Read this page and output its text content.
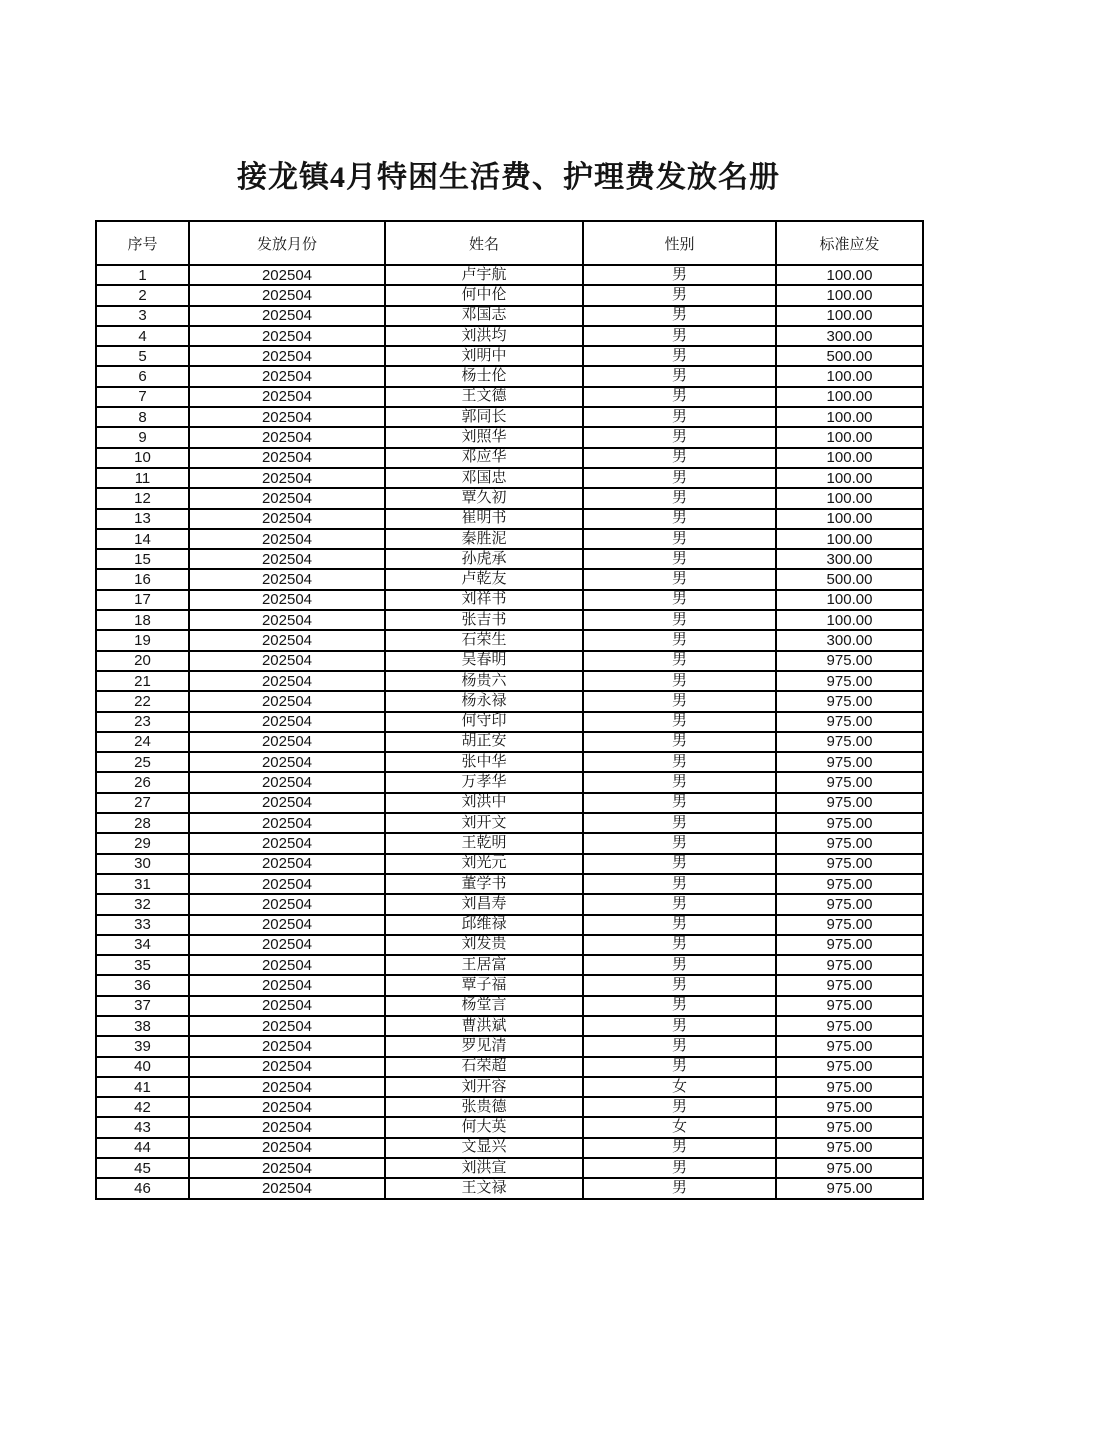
接龙镇4月特困生活费、护理费发放名册
序号	发放月份	姓名	性别	标准应发
1	202504	卢宇航	男	100.00
2	202504	何中伦	男	100.00
3	202504	邓国志	男	100.00
4	202504	刘洪均	男	300.00
5	202504	刘明中	男	500.00
6	202504	杨士伦	男	100.00
7	202504	王文德	男	100.00
8	202504	郭同长	男	100.00
9	202504	刘照华	男	100.00
10	202504	邓应华	男	100.00
11	202504	邓国忠	男	100.00
12	202504	覃久初	男	100.00
13	202504	崔明书	男	100.00
14	202504	秦胜泥	男	100.00
15	202504	孙虎承	男	300.00
16	202504	卢乾友	男	500.00
17	202504	刘祥书	男	100.00
18	202504	张吉书	男	100.00
19	202504	石荣生	男	300.00
20	202504	吴春明	男	975.00
21	202504	杨贵六	男	975.00
22	202504	杨永禄	男	975.00
23	202504	何守印	男	975.00
24	202504	胡正安	男	975.00
25	202504	张中华	男	975.00
26	202504	万孝华	男	975.00
27	202504	刘洪中	男	975.00
28	202504	刘开文	男	975.00
29	202504	王乾明	男	975.00
30	202504	刘光元	男	975.00
31	202504	董学书	男	975.00
32	202504	刘昌寿	男	975.00
33	202504	邱维禄	男	975.00
34	202504	刘发贵	男	975.00
35	202504	王居富	男	975.00
36	202504	覃子福	男	975.00
37	202504	杨堂言	男	975.00
38	202504	曹洪斌	男	975.00
39	202504	罗见清	男	975.00
40	202504	石荣超	男	975.00
41	202504	刘开容	女	975.00
42	202504	张贵德	男	975.00
43	202504	何大英	女	975.00
44	202504	文显兴	男	975.00
45	202504	刘洪宣	男	975.00
46	202504	王文禄	男	975.00
